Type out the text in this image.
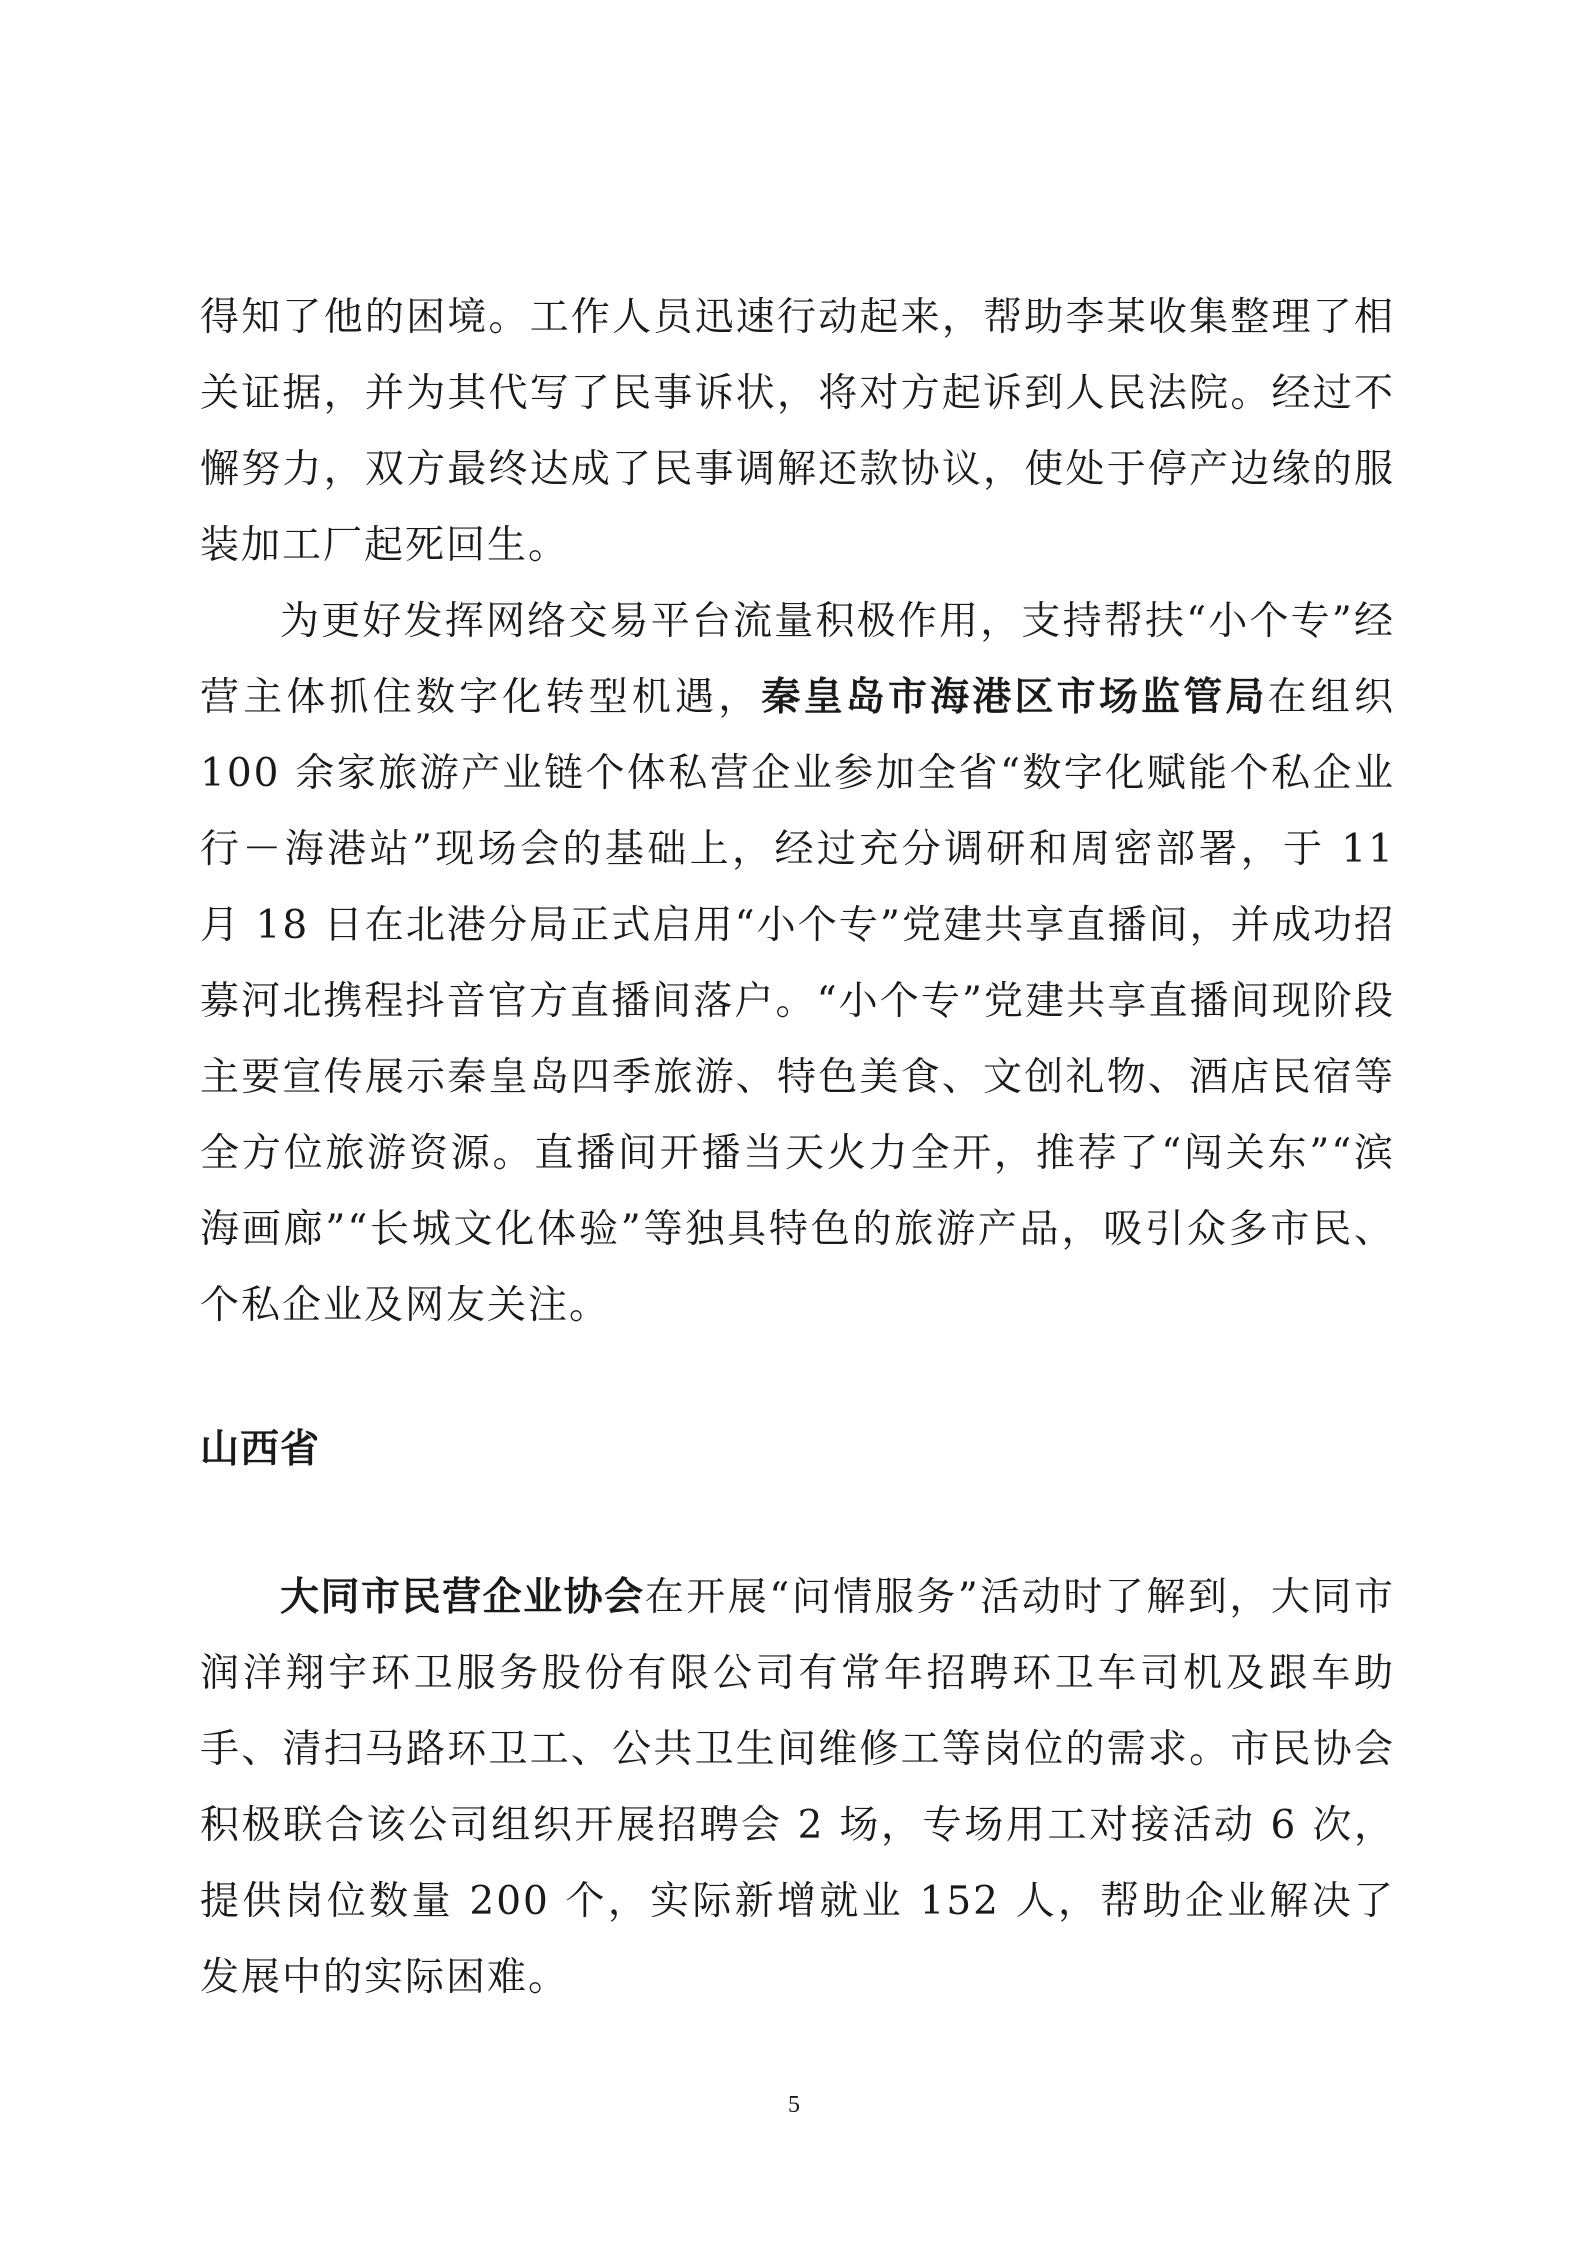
得知了他的困境。工作人员迅速行动起来，帮助李某收集整理了相关证据，并为其代写了民事诉状，将对方起诉到人民法院。经过不懈努力，双方最终达成了民事调解还款协议，使处于停产边缘的服装加工厂起死回生。

为更好发挥网络交易平台流量积极作用，支持帮扶“小个专”经营主体抓住数字化转型机遇，秦皇岛市海港区市场监管局在组织 100 余家旅游产业链个体私营企业参加全省“数字化赋能个私企业行－海港站”现场会的基础上，经过充分调研和周密部署，于 11 月 18 日在北港分局正式启用“小个专”党建共享直播间，并成功招募河北携程抖音官方直播间落户。“小个专”党建共享直播间现阶段主要宣传展示秦皇岛四季旅游、特色美食、文创礼物、酒店民宿等全方位旅游资源。直播间开播当天火力全开，推荐了“闯关东”“滨海画廊”“长城文化体验”等独具特色的旅游产品，吸引众多市民、个私企业及网友关注。

山西省

大同市民营企业协会在开展“问情服务”活动时了解到，大同市润洋翔宇环卫服务股份有限公司有常年招聘环卫车司机及跟车助手、清扫马路环卫工、公共卫生间维修工等岗位的需求。市民协会积极联合该公司组织开展招聘会 2 场，专场用工对接活动 6 次，提供岗位数量 200 个，实际新增就业 152 人，帮助企业解决了发展中的实际困难。

5
